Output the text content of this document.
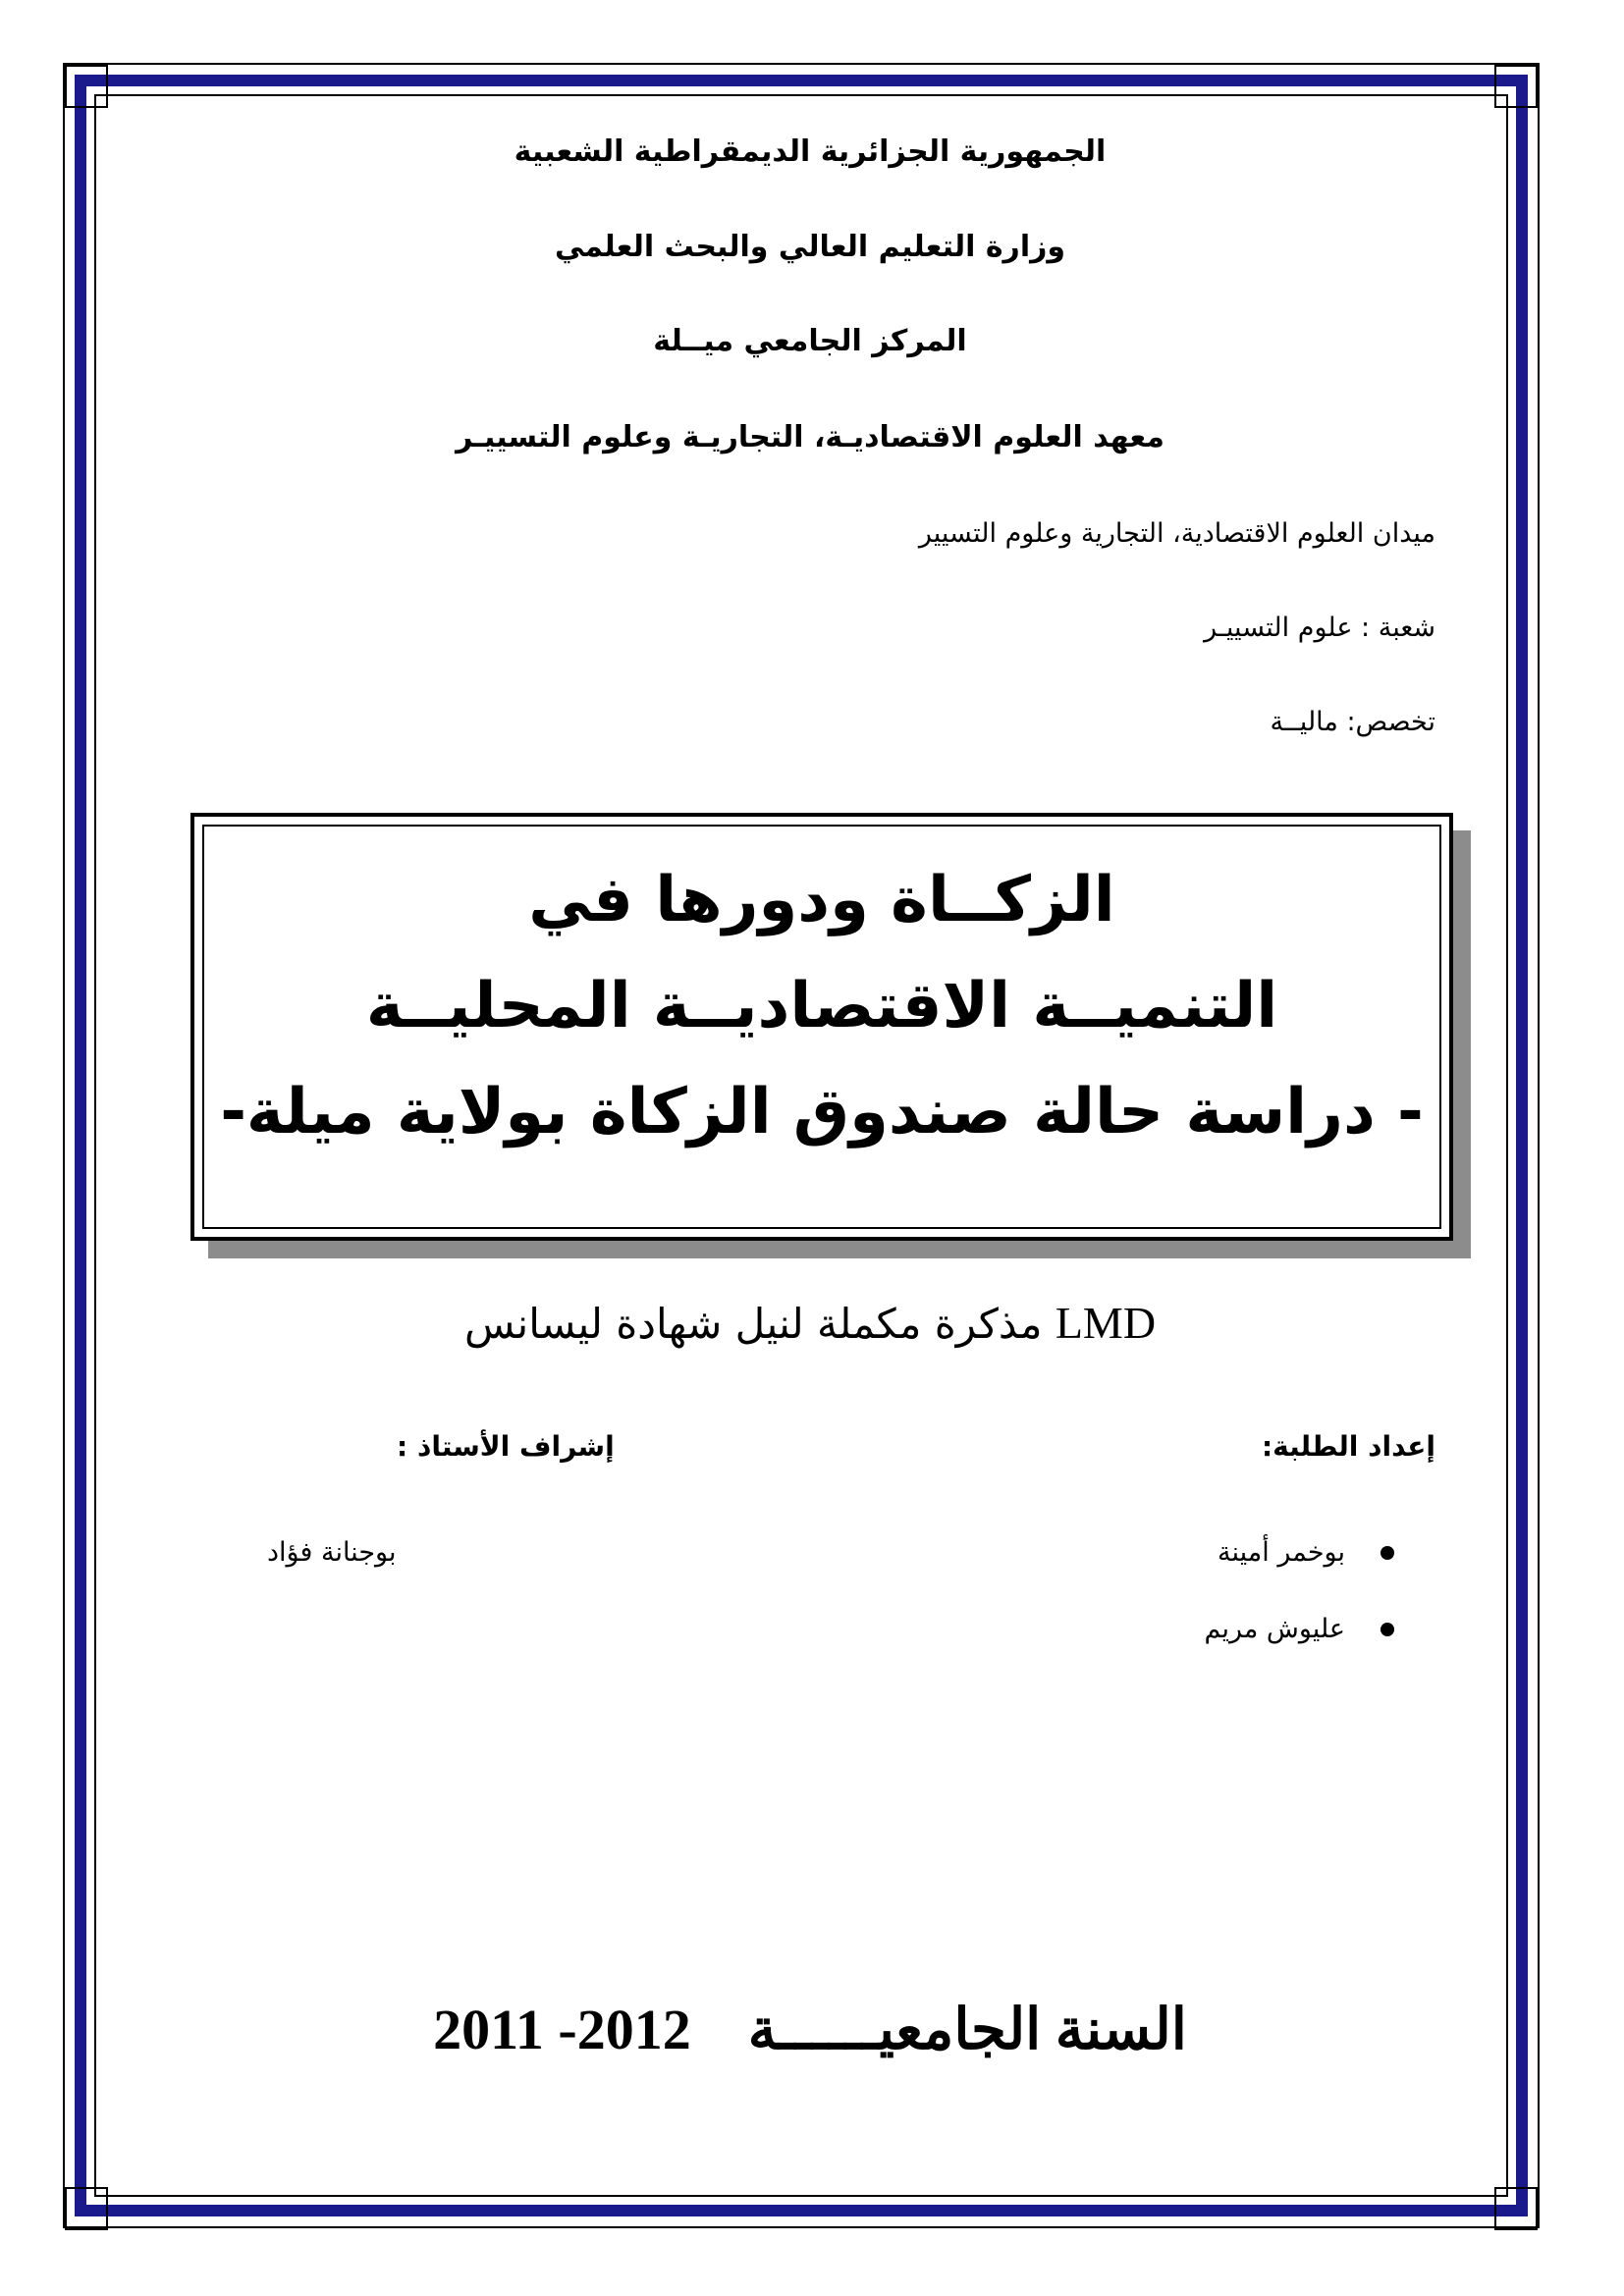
الجمهورية الجزائرية الديمقراطية الشعبية
وزارة التعليم العالي والبحث العلمي
المركز الجامعي ميــلة
معهد العلوم الاقتصاديـة، التجاريـة وعلوم التسييـر
ميدان العلوم الاقتصادية، التجارية وعلوم التسيير
شعبة : علوم التسييـر
تخصص: ماليــة
الزكــاة ودورها في
التنميــة الاقتصاديــة المحليــة
- دراسة حالة صندوق الزكاة بولاية ميلة-
مذكرة مكملة لنيل شهادة ليسانس LMD
إعداد الطلبة:
إشراف الأستاذ :
بوخمر أمينة
عليوش مريم
بوجنانة فؤاد
2011 -2012 السنة الجامعيــــــة
